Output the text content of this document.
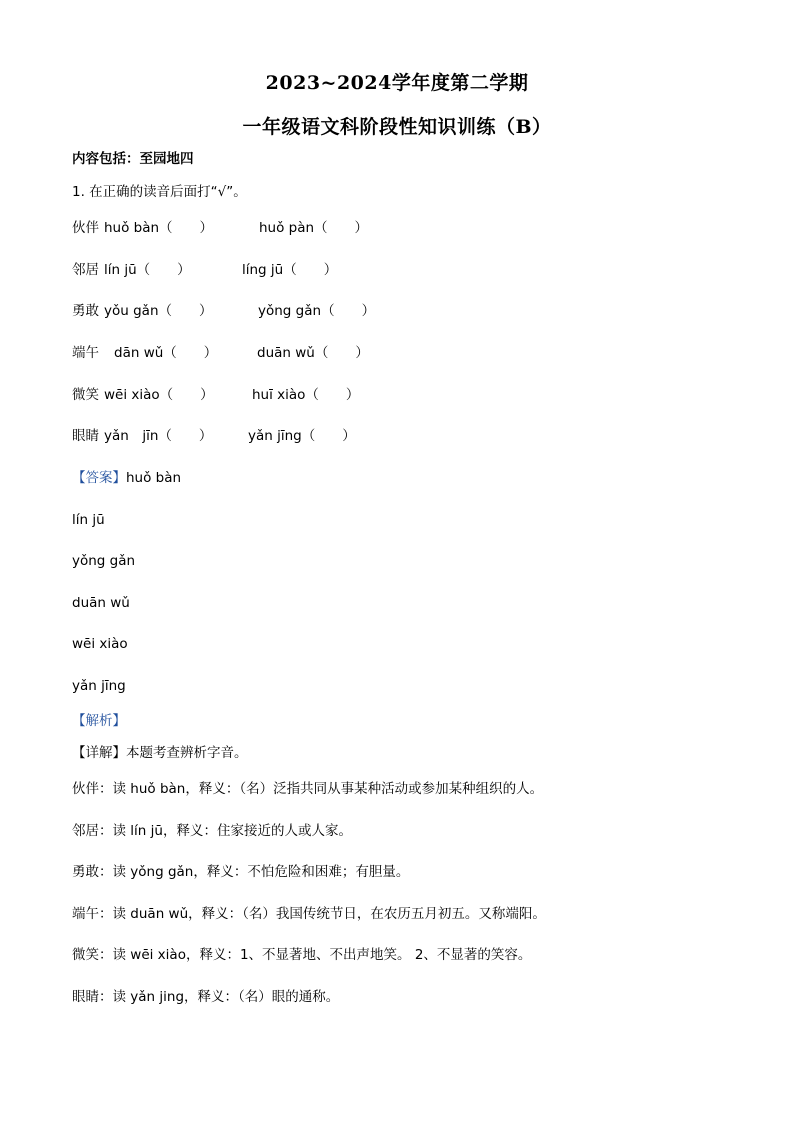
2023~2024学年度第二学期
一年级语文科阶段性知识训练（B）
内容包括：至园地四
1. 在正确的读音后面打“√”。
伙伴 huǒ bàn（　　）	huǒ pàn（　　）
邻居 lín jū（　　）	líng jū（　　）
勇敢 yǒu gǎn（　　）	yǒng gǎn（　　）
端午 dān wǔ（　　）	duān wǔ（　　）
微笑 wēi xiào（　　）	huī xiào（　　）
眼睛 yǎn　jīn（　　）	yǎn jīng（　　）
【答案】huǒ bàn
lín jū
yǒng gǎn
duān wǔ
wēi xiào
yǎn jīng
【解析】
【详解】本题考查辨析字音。
伙伴：读 huǒ bàn，释义：（名）泛指共同从事某种活动或参加某种组织的人。
邻居：读 lín jū，释义：住家接近的人或人家。
勇敢：读 yǒng gǎn，释义：不怕危险和困难；有胆量。
端午：读 duān wǔ，释义：（名）我国传统节日，在农历五月初五。又称端阳。
微笑：读 wēi xiào，释义：1、不显著地、不出声地笑。 2、不显著的笑容。
眼睛：读 yǎn jing，释义：（名）眼的通称。
